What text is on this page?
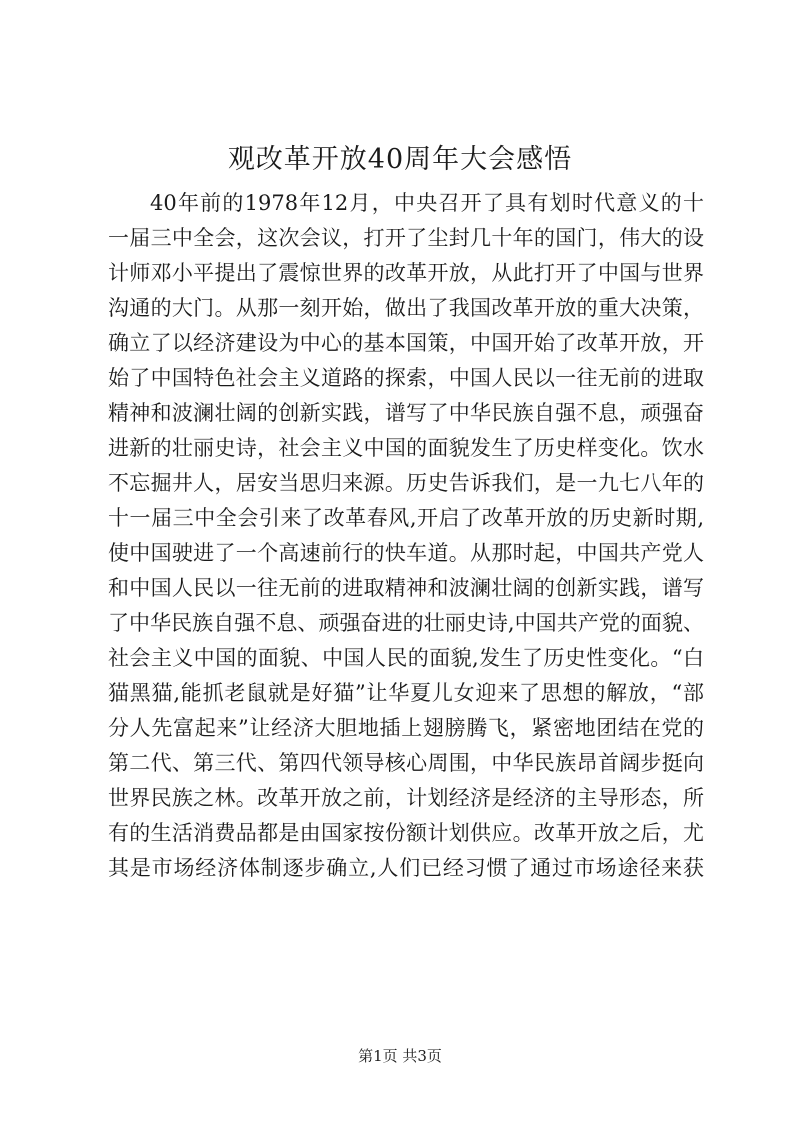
观改革开放40周年大会感悟
40年前的1978年12月，中央召开了具有划时代意义的十
一届三中全会，这次会议，打开了尘封几十年的国门，伟大的设
计师邓小平提出了震惊世界的改革开放，从此打开了中国与世界
沟通的大门。从那一刻开始，做出了我国改革开放的重大决策，
确立了以经济建设为中心的基本国策，中国开始了改革开放，开
始了中国特色社会主义道路的探索，中国人民以一往无前的进取
精神和波澜壮阔的创新实践，谱写了中华民族自强不息，顽强奋
进新的壮丽史诗，社会主义中国的面貌发生了历史样变化。饮水
不忘掘井人，居安当思归来源。历史告诉我们，是一九七八年的
十一届三中全会引来了改革春风,开启了改革开放的历史新时期,
使中国驶进了一个高速前行的快车道。从那时起，中国共产党人
和中国人民以一往无前的进取精神和波澜壮阔的创新实践，谱写
了中华民族自强不息、顽强奋进的壮丽史诗,中国共产党的面貌、
社会主义中国的面貌、中国人民的面貌,发生了历史性变化。“白
猫黑猫,能抓老鼠就是好猫”让华夏儿女迎来了思想的解放，“部
分人先富起来”让经济大胆地插上翅膀腾飞，紧密地团结在党的
第二代、第三代、第四代领导核心周围，中华民族昂首阔步挺向
世界民族之林。改革开放之前，计划经济是经济的主导形态，所
有的生活消费品都是由国家按份额计划供应。改革开放之后，尤
其是市场经济体制逐步确立,人们已经习惯了通过市场途径来获
第1页 共3页
